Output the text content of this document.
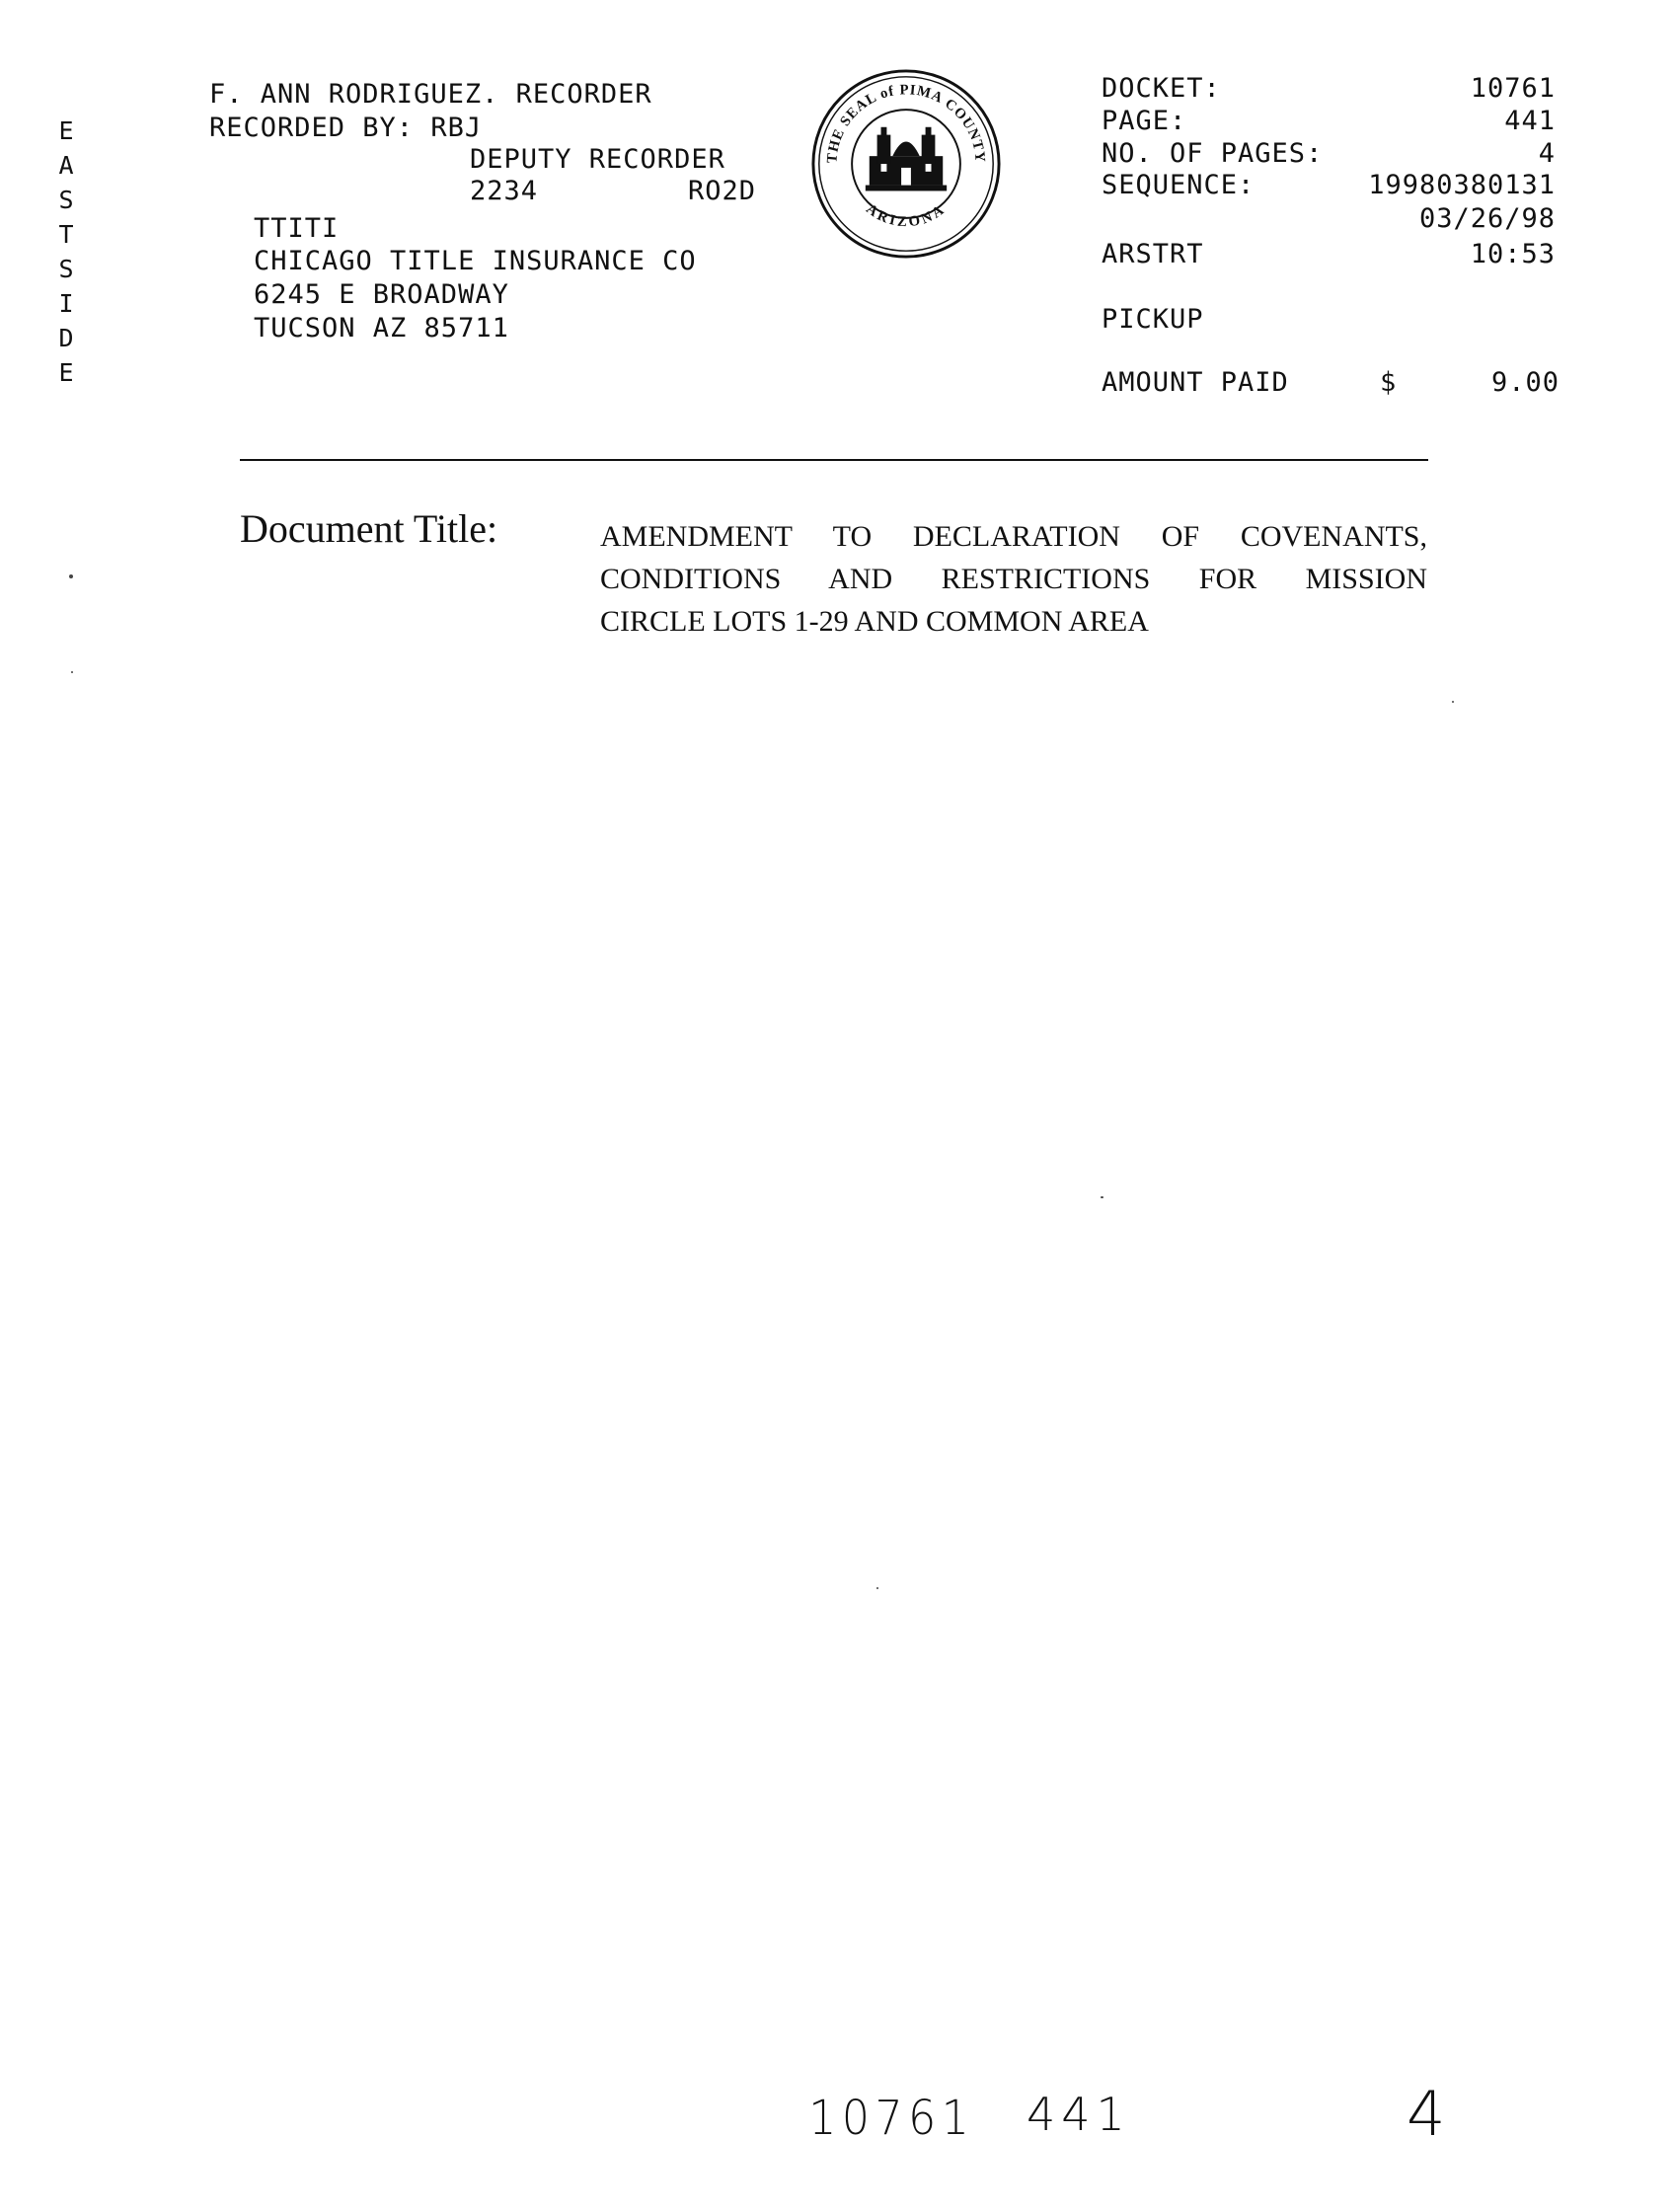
E
A
S
T
S
I
D
E
F. ANN RODRIGUEZ. RECORDER
RECORDED BY: RBJ
DEPUTY RECORDER
2234	RO2D
TTITI
CHICAGO TITLE INSURANCE CO
6245 E BROADWAY
TUCSON AZ 85711
THE SEAL of PIMA COUNTY
ARIZONA
DOCKET:	10761
PAGE:	441
NO. OF PAGES:	4
SEQUENCE:	19980380131
03/26/98
ARSTRT	10:53
PICKUP
AMOUNT PAID	$	9.00
Document Title:	AMENDMENT TO DECLARATION OF COVENANTS,
CONDITIONS AND RESTRICTIONS FOR MISSION
CIRCLE LOTS 1-29 AND COMMON AREA
10761 441	4
